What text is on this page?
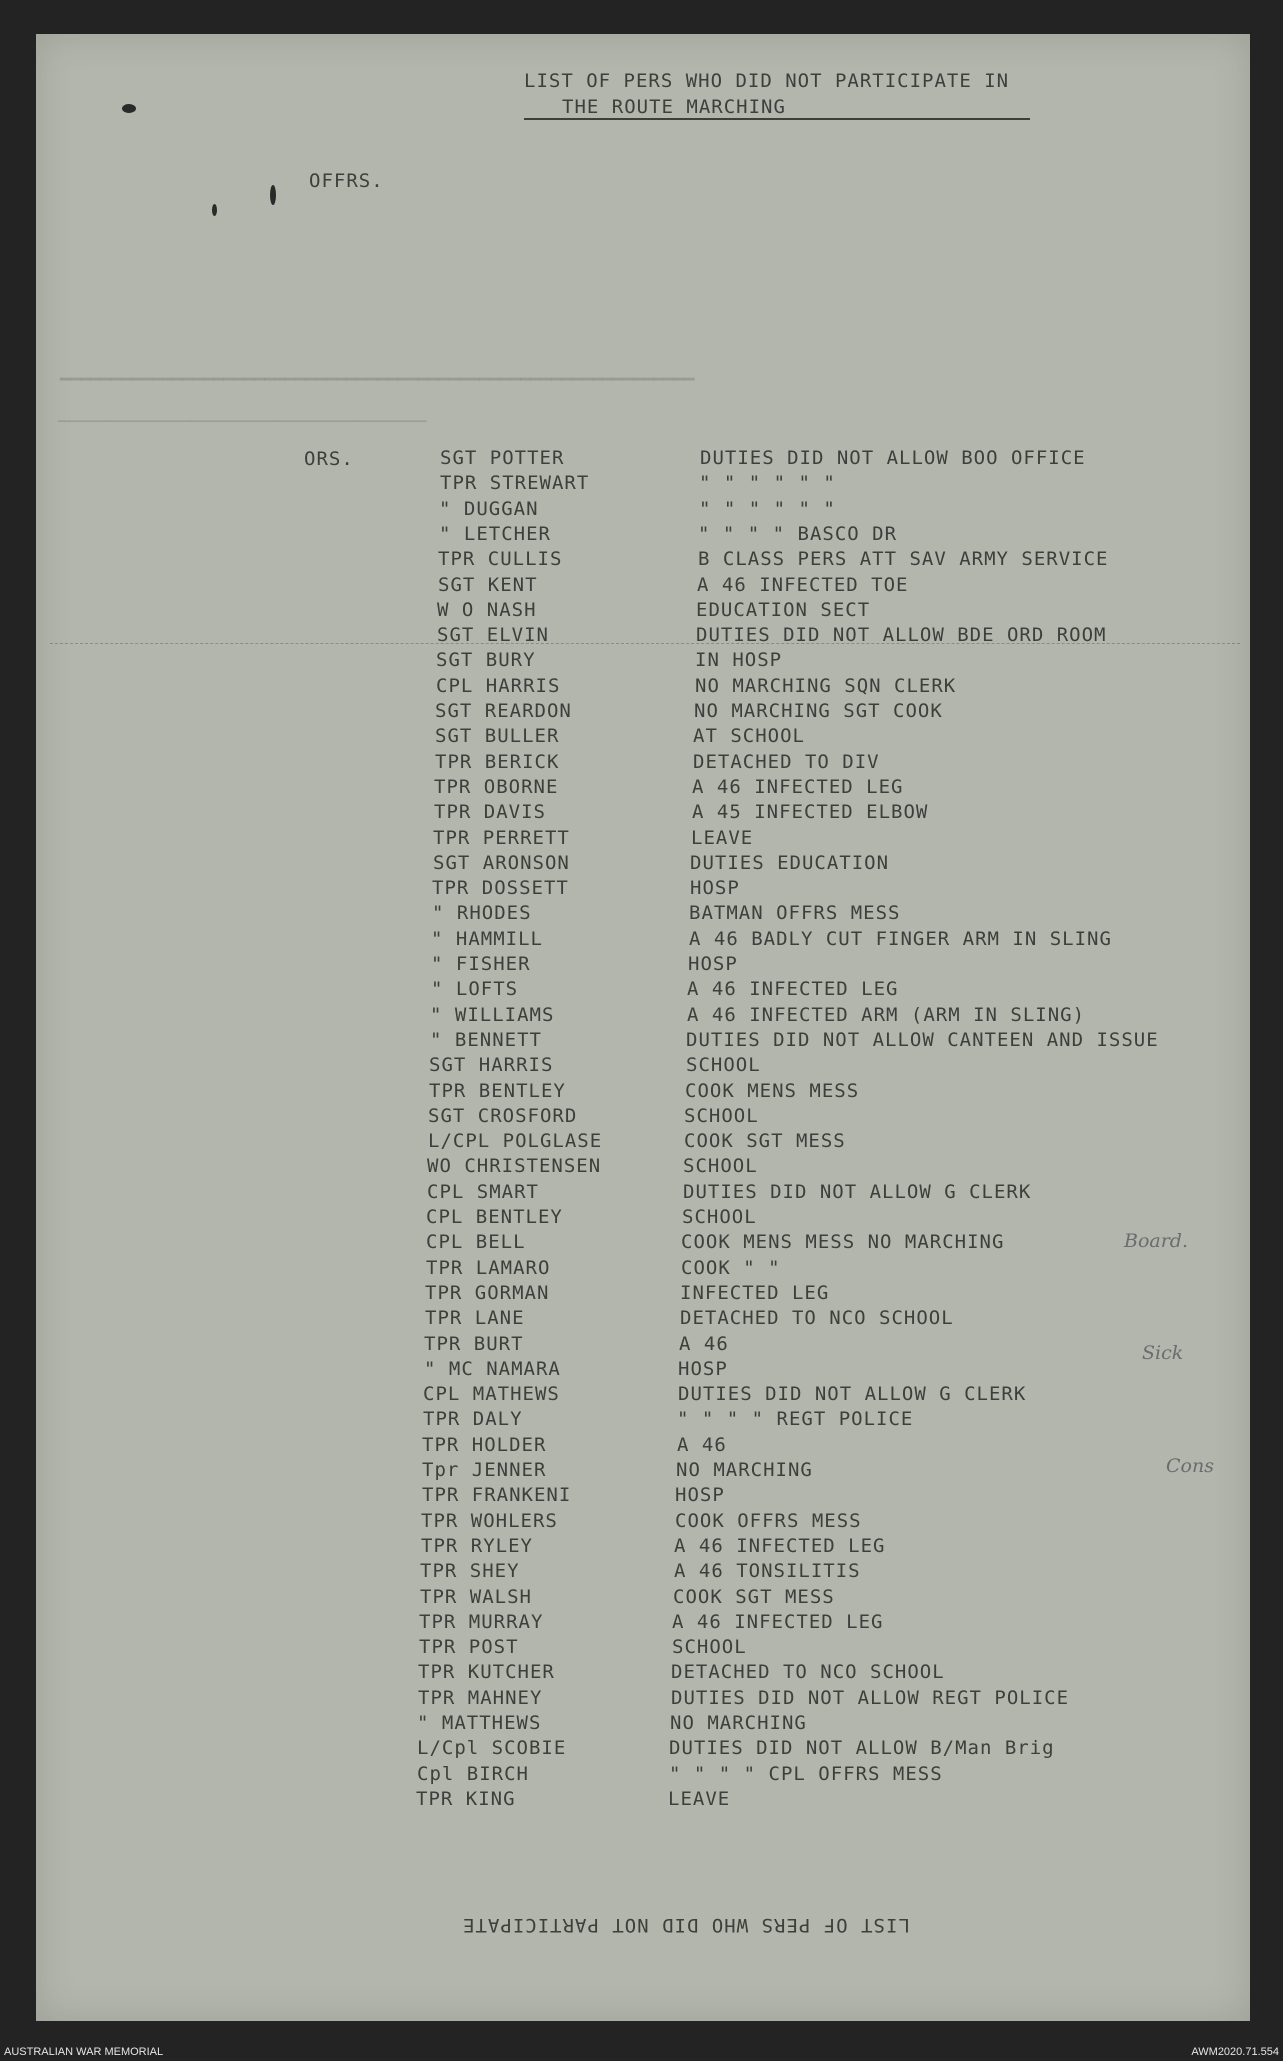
━━━━━━━━━━━━━━━━━━━━━━━━━━━━━━━━━━━━━━━━━━━━━━━━━━━━━━━━━━━━━━
────────────────────────────────────
LIST OF PERS WHO DID NOT PARTICIPATE IN
THE ROUTE MARCHING
OFFRS.
ORS.	SGT POTTER	DUTIES DID NOT ALLOW BOO OFFICE
TPR STREWART	" " " " " "
" DUGGAN	" " " " " "
" LETCHER	" " " " BASCO DR
TPR CULLIS	B CLASS PERS ATT SAV ARMY SERVICE
SGT KENT	A 46 INFECTED TOE
W O NASH	EDUCATION SECT
SGT ELVIN	DUTIES DID NOT ALLOW BDE ORD ROOM
SGT BURY	IN HOSP
CPL HARRIS	NO MARCHING SQN CLERK
SGT REARDON	NO MARCHING SGT COOK
SGT BULLER	AT SCHOOL
TPR BERICK	DETACHED TO DIV
TPR OBORNE	A 46 INFECTED LEG
TPR DAVIS	A 45 INFECTED ELBOW
TPR PERRETT	LEAVE
SGT ARONSON	DUTIES EDUCATION
TPR DOSSETT	HOSP
" RHODES	BATMAN OFFRS MESS
" HAMMILL	A 46 BADLY CUT FINGER ARM IN SLING
" FISHER	HOSP
" LOFTS	A 46 INFECTED LEG
" WILLIAMS	A 46 INFECTED ARM (ARM IN SLING)
" BENNETT	DUTIES DID NOT ALLOW CANTEEN AND ISSUE
SGT HARRIS	SCHOOL
TPR BENTLEY	COOK MENS MESS
SGT CROSFORD	SCHOOL
L/CPL POLGLASE	COOK SGT MESS
WO CHRISTENSEN	SCHOOL
CPL SMART	DUTIES DID NOT ALLOW G CLERK
CPL BENTLEY	SCHOOL
CPL BELL	COOK MENS MESS NO MARCHING
TPR LAMARO	COOK " "
TPR GORMAN	INFECTED LEG
TPR LANE	DETACHED TO NCO SCHOOL
TPR BURT	A 46
" MC NAMARA	HOSP
CPL MATHEWS	DUTIES DID NOT ALLOW G CLERK
TPR DALY	" " " " REGT POLICE
TPR HOLDER	A 46
Tpr JENNER	NO MARCHING
TPR FRANKENI	HOSP
TPR WOHLERS	COOK OFFRS MESS
TPR RYLEY	A 46 INFECTED LEG
TPR SHEY	A 46 TONSILITIS
TPR WALSH	COOK SGT MESS
TPR MURRAY	A 46 INFECTED LEG
TPR POST	SCHOOL
TPR KUTCHER	DETACHED TO NCO SCHOOL
TPR MAHNEY	DUTIES DID NOT ALLOW REGT POLICE
" MATTHEWS	NO MARCHING
L/Cpl SCOBIE	DUTIES DID NOT ALLOW B/Man Brig
Cpl BIRCH	" " " " CPL OFFRS MESS
TPR KING	LEAVE
Board.
Sick
Cons
LIST OF PERS WHO DID NOT PARTICIPATE
AUSTRALIAN WAR MEMORIAL	AWM2020.71.554
